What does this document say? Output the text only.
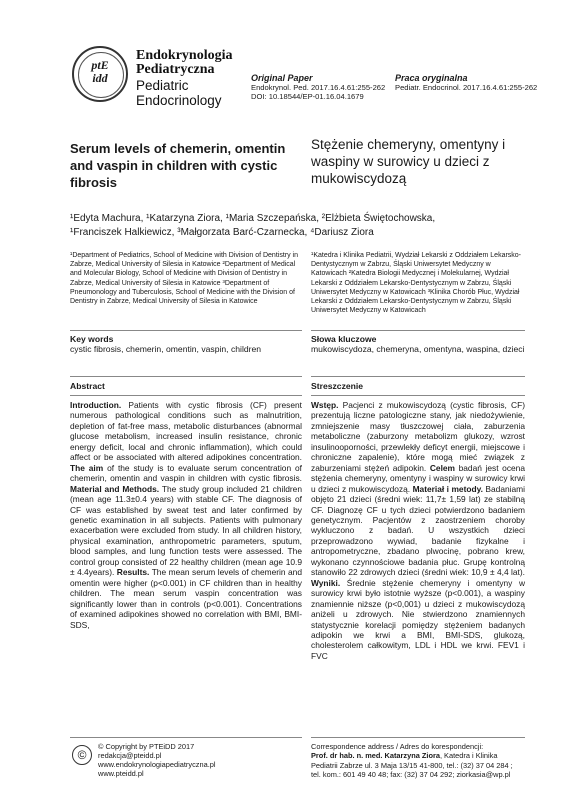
ptE
idd
Endokrynologia
Pediatryczna
Pediatric
Endocrinology
Original Paper
Endokrynol. Ped. 2017.16.4.61:255-262
DOI: 10.18544/EP-01.16.04.1679
Praca oryginalna
Pediatr. Endocrinol. 2017.16.4.61:255-262
Serum levels of chemerin, omentin and vaspin in children with cystic fibrosis
Stężenie chemeryny, omentyny i waspiny w surowicy u dzieci z mukowiscydozą
¹Edyta Machura, ¹Katarzyna Ziora, ¹Maria Szczepańska, ²Elżbieta Świętochowska,
¹Franciszek Halkiewicz, ³Małgorzata Barć-Czarnecka, ⁴Dariusz Ziora
¹Department of Pediatrics, School of Medicine with Division of Dentistry in Zabrze, Medical University of Silesia in Katowice ²Department of Medical and Molecular Biology, School of Medicine with Division of Dentistry in Zabrze, Medical University of Silesia in Katowice ³Department of Pneumonology and Tuberculosis, School of Medicine with the Division of Dentistry in Zabrze, Medical University of Silesia in Katowice
¹Katedra i Klinika Pediatrii, Wydział Lekarski z Oddziałem Lekarsko-Dentystycznym w Zabrzu, Śląski Uniwersytet Medyczny w Katowicach ²Katedra Biologii Medycznej i Molekularnej, Wydział Lekarski z Oddziałem Lekarsko-Dentystycznym w Zabrzu, Śląski Uniwersytet Medyczny w Katowicach ³Klinika Chorób Płuc, Wydział Lekarski z Oddziałem Lekarsko-Dentystycznym w Zabrzu, Śląski Uniwersytet Medyczny w Katowicach
Key words
cystic fibrosis, chemerin, omentin, vaspin, children
Słowa kluczowe
mukowiscydoza, chemeryna, omentyna, waspina, dzieci
Abstract	Streszczenie
Introduction. Patients with cystic fibrosis (CF) present numerous pathological conditions such as malnutrition, depletion of fat-free mass, metabolic disturbances (abnormal glucose metabolism, increased insulin resistance, chronic energy deficit, local and chronic inflammation), which could affect or be associated with altered adipokines concentration. The aim of the study is to evaluate serum concentration of chemerin, omentin and vaspin in children with cystic fibrosis. Material and Methods. The study group included 21 children (mean age 11.3±0.4 years) with stable CF. The diagnosis of CF was established by sweat test and later confirmed by genetic examination in all subjects. Patients with pulmonary exacerbation were excluded from study. In all children history, physical examination, anthropometric parameters, sputum, blood samples, and lung function tests were assessed. The control group consisted of 22 healthy children (mean age 10.9 ± 4.4years). Results. The mean serum levels of chemerin and omentin were higher (p<0.001) in CF children than in healthy children. The mean serum vaspin concentration was significantly lower than in controls (p<0.001). Concentrations of examined adipokines showed no correlation with BMI, BMI-SDS,
Wstęp. Pacjenci z mukowiscydozą (cystic fibrosis, CF) prezentują liczne patologiczne stany, jak niedożywienie, zmniejszenie masy tłuszczowej ciała, zaburzenia metaboliczne (zaburzony metabolizm glukozy, wzrost insulinooporności, przewlekły deficyt energii, miejscowe i chroniczne zapalenie), które mogą mieć związek z zaburzeniami stężeń adipokin. Celem badań jest ocena stężenia chemeryny, omentyny i waspiny w surowicy krwi u dzieci z mukowiscydozą. Materiał i metody. Badaniami objęto 21 dzieci (średni wiek: 11,7± 1,59 lat) ze stabilną CF. Diagnozę CF u tych dzieci potwierdzono badaniem genetycznym. Pacjentów z zaostrzeniem choroby wykluczono z badań. U wszystkich dzieci przeprowadzono wywiad, badanie fizykalne i antropometryczne, zbadano plwocinę, pobrano krew, wykonano czynnościowe badania płuc. Grupę kontrolną stanowiło 22 zdrowych dzieci (średni wiek: 10,9 ± 4,4 lat). Wyniki. Średnie stężenie chemeryny i omentyny w surowicy krwi było istotnie wyższe (p<0.001), a waspiny znamiennie niższe (p<0,001) u dzieci z mukowiscydozą aniżeli u zdrowych. Nie stwierdzono znamiennych statystycznie korelacji pomiędzy stężeniem badanych adipokin we krwi a BMI, BMI-SDS, glukozą, cholesterolem całkowitym, LDL i HDL we krwi. FEV1 i FVC
©
© Copyright by PTEiDD 2017
redakcja@pteidd.pl
www.endokrynologiapediatryczna.pl
www.pteidd.pl
Correspondence address / Adres do korespondencji:
Prof. dr hab. n. med. Katarzyna Ziora, Katedra i Klinika Pediatrii Zabrze ul. 3 Maja 13/15 41-800, tel.: (32) 37 04 284 ; tel. kom.: 601 49 40 48; fax: (32) 37 04 292; ziorkasia@wp.pl
